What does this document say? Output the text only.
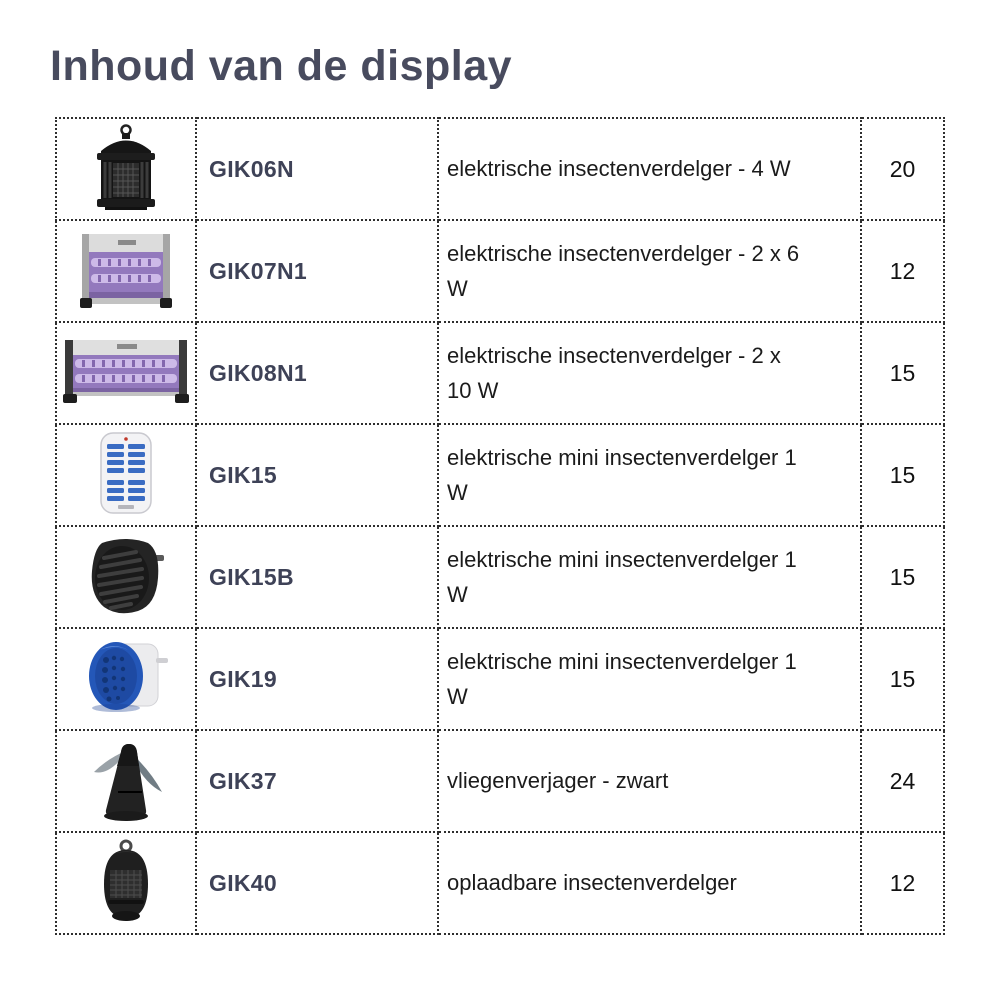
Inhoud van de display
	GIK06N	elektrische insectenverdelger - 4 W	20
	GIK07N1	elektrische insectenverdelger - 2 x 6 W	12
	GIK08N1	elektrische insectenverdelger - 2 x 10 W	15
	GIK15	elektrische mini insectenverdelger 1 W	15
	GIK15B	elektrische mini insectenverdelger 1 W	15
	GIK19	elektrische mini insectenverdelger 1 W	15
	GIK37	vliegenverjager - zwart	24
	GIK40	oplaadbare insectenverdelger	12
